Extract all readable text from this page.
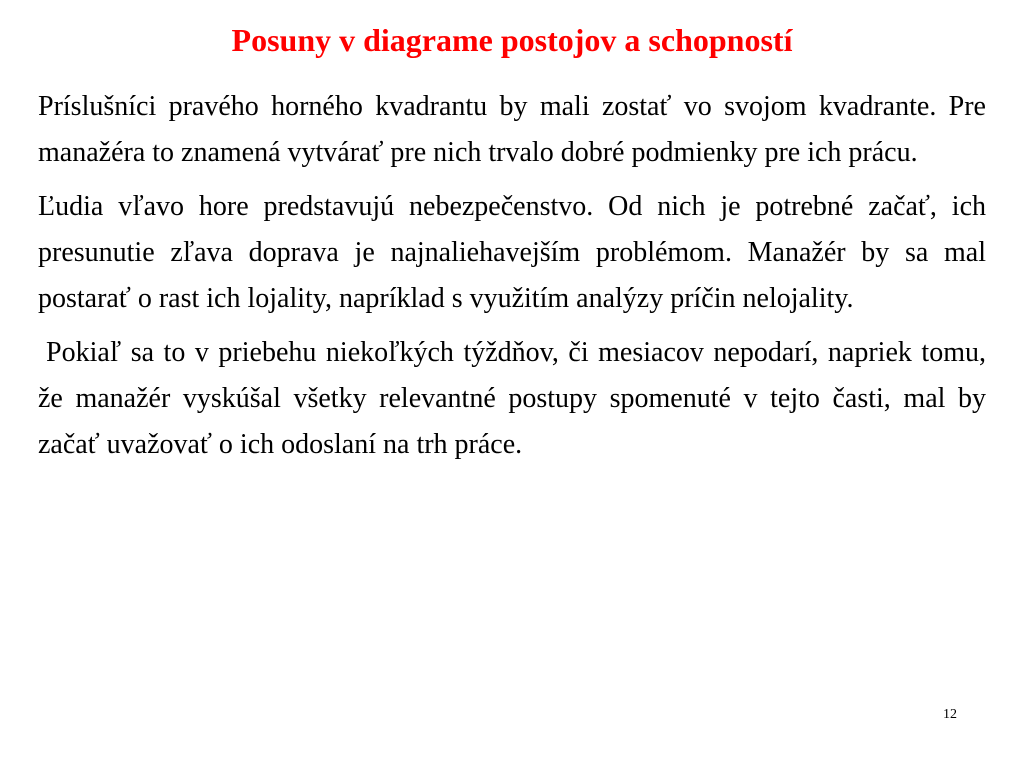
Posuny v diagrame postojov a schopností

Príslušníci pravého horného kvadrantu by mali zostať vo svojom kvadrante. Pre manažéra to znamená vytvárať pre nich trvalo dobré podmienky pre ich prácu.

Ľudia vľavo hore predstavujú nebezpečenstvo. Od nich je potrebné začať, ich presunutie zľava doprava je najnaliehavejším problémom. Manažér by sa mal postarať o rast ich lojality, napríklad s využitím analýzy príčin nelojality.

Pokiaľ sa to v priebehu niekoľkých týždňov, či mesiacov nepodarí, napriek tomu, že manažér vyskúšal všetky relevantné postupy spomenuté v tejto časti, mal by začať uvažovať o ich odoslaní na trh práce.

12
